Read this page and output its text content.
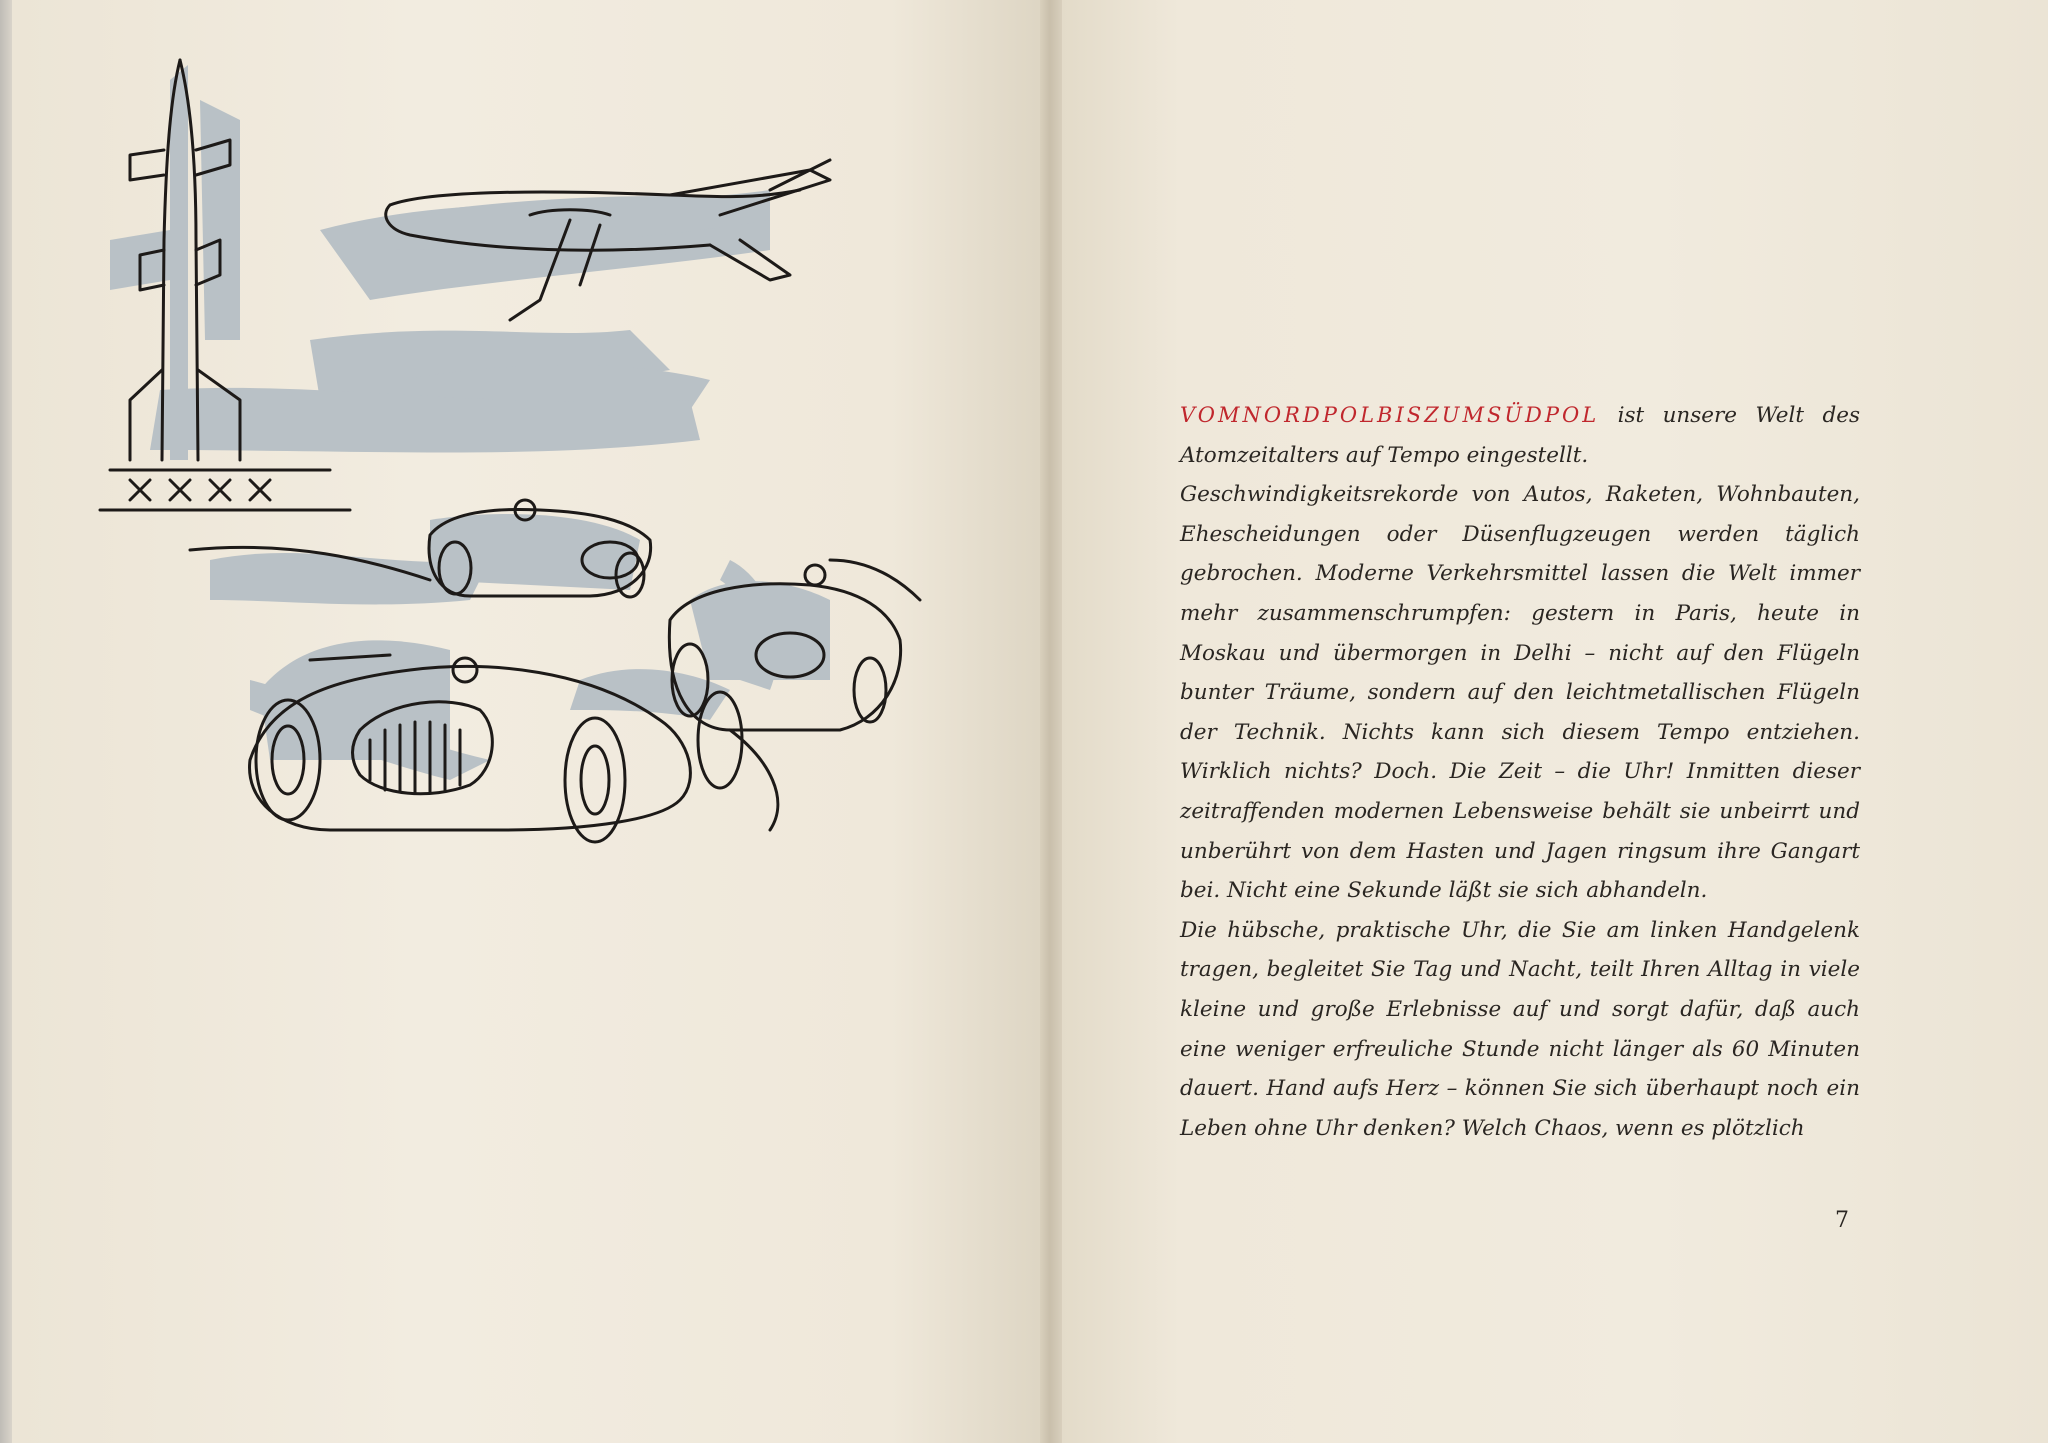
VOMNORDPOLBISZUMSÜDPOL ist unsere Welt des Atomzeitalters auf Tempo eingestellt.

Geschwindigkeitsrekorde von Autos, Raketen, Wohnbauten, Ehescheidungen oder Düsenflugzeugen werden täglich gebrochen. Moderne Verkehrsmittel lassen die Welt immer mehr zusammenschrumpfen: gestern in Paris, heute in Moskau und übermorgen in Delhi – nicht auf den Flügeln bunter Träume, sondern auf den leichtmetallischen Flügeln der Technik. Nichts kann sich diesem Tempo entziehen. Wirklich nichts? Doch. Die Zeit – die Uhr! Inmitten dieser zeitraffenden modernen Lebensweise behält sie unbeirrt und unberührt von dem Hasten und Jagen ringsum ihre Gangart bei. Nicht eine Sekunde läßt sie sich abhandeln.

Die hübsche, praktische Uhr, die Sie am linken Handgelenk tragen, begleitet Sie Tag und Nacht, teilt Ihren Alltag in viele kleine und große Erlebnisse auf und sorgt dafür, daß auch eine weniger erfreuliche Stunde nicht länger als 60 Minuten dauert. Hand aufs Herz – können Sie sich überhaupt noch ein Leben ohne Uhr denken? Welch Chaos, wenn es plötzlich

7
